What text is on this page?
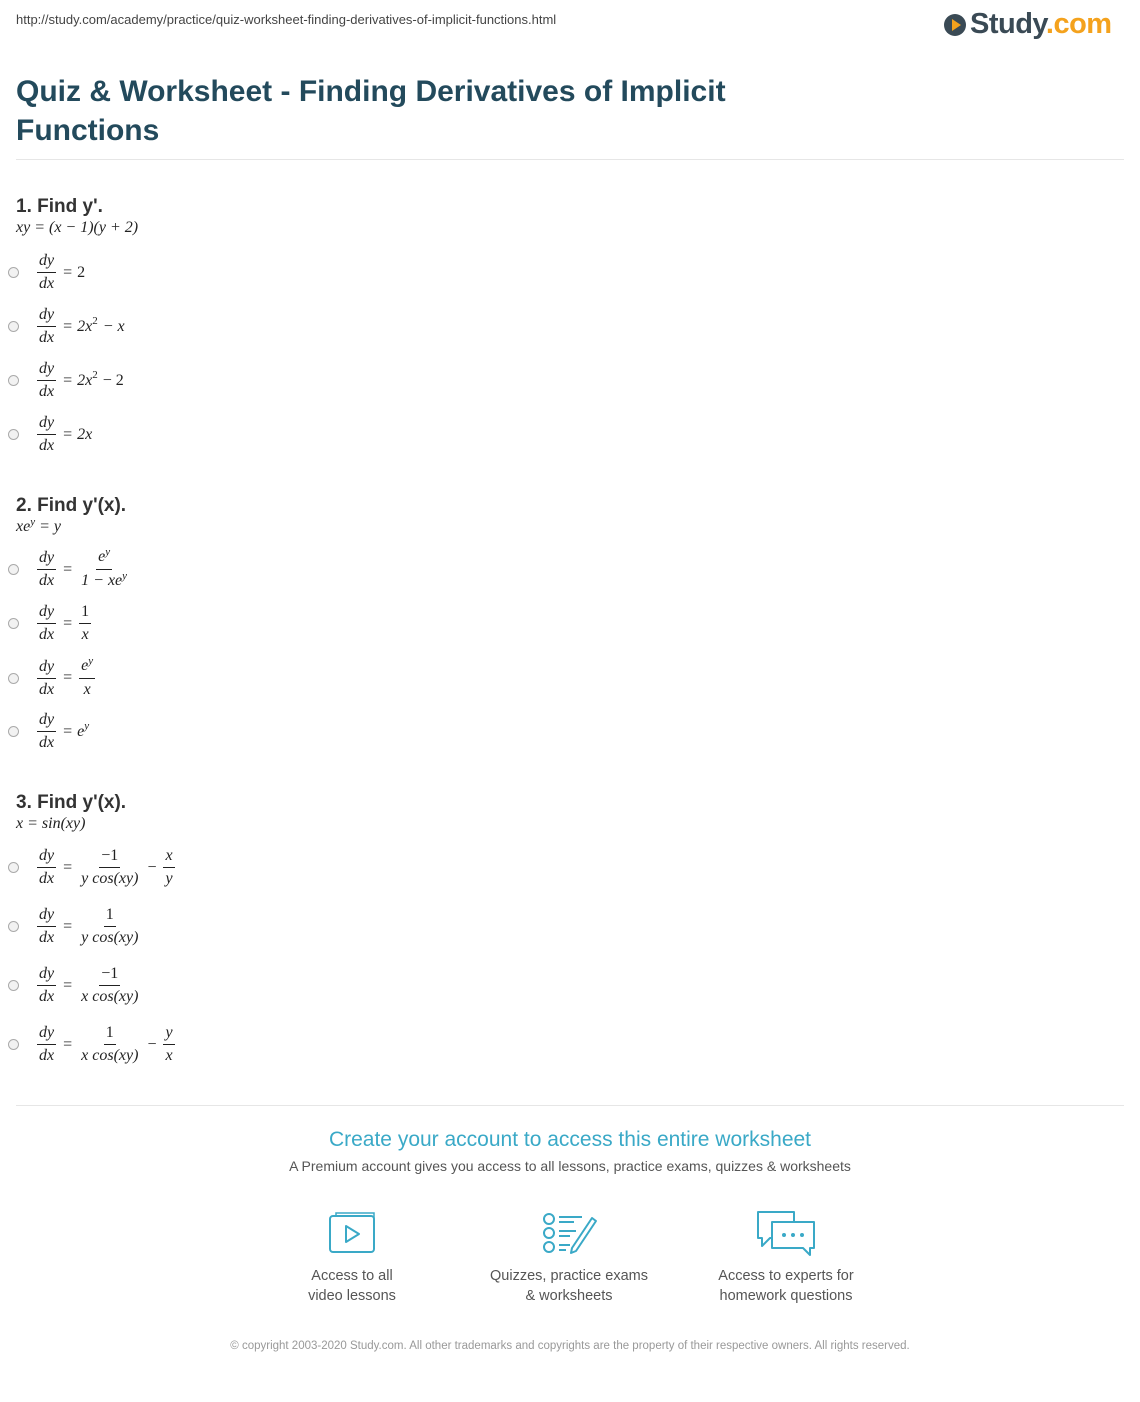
http://study.com/academy/practice/quiz-worksheet-finding-derivatives-of-implicit-functions.html	Study.com
Quiz & Worksheet - Finding Derivatives of Implicit Functions
1. Find y'.
xy = (x − 1)(y + 2)
$\frac{dy}{dx} = 2$
$\frac{dy}{dx} = 2x$ 2 − x
$\frac{dy}{dx} = 2x$ 2 − 2
$\frac{dy}{dx} = 2x$
2. Find y'(x).
$xe^y = y$
$\frac{dy}{dx} = \frac{e^y}{1 - xe^y}$
$\frac{dy}{dx} = \frac{1}{x}$
$\frac{dy}{dx} = \frac{e^y}{x}$
$\frac{dy}{dx} = e$ y
3. Find y'(x).
x = sin(xy)
$\frac{dy}{dx} = \frac{-1}{\text{y cos(xy)}} - \frac{x}{y}$
$\frac{dy}{dx} = \frac{1}{\text{y cos(xy)}}$
$\frac{dy}{dx} = \frac{-1}{\text{x cos(xy)}}$
$\frac{dy}{dx} = \frac{1}{\text{x cos(xy)}} - \frac{y}{x}$
Create your account to access this entire worksheet
A Premium account gives you access to all lessons, practice exams, quizzes & worksheets
Access to all
video lessons
Quizzes, practice exams
& worksheets
Access to experts for
homework questions
© copyright 2003-2020 Study.com. All other trademarks and copyrights are the property of their respective owners. All rights reserved.
